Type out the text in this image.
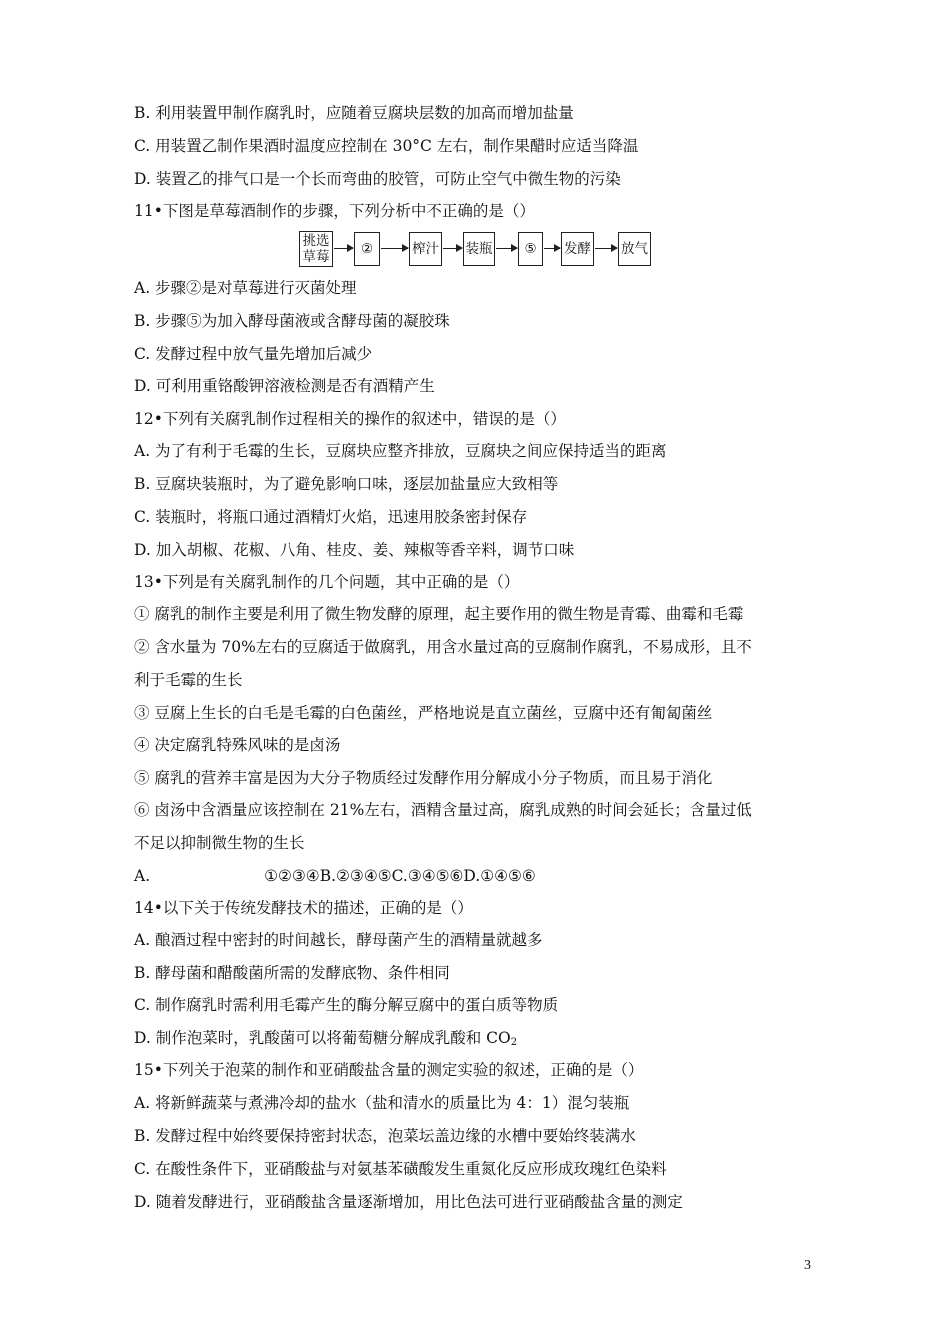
B. 利用装置甲制作腐乳时，应随着豆腐块层数的加高而增加盐量
C. 用装置乙制作果酒时温度应控制在 30°C 左右，制作果醋时应适当降温
D. 装置乙的排气口是一个长而弯曲的胶管，可防止空气中微生物的污染
11•下图是草莓酒制作的步骤，下列分析中不正确的是（）
挑选
草莓	②	榨汁 装瓶	⑤	发酵 放气
A. 步骤②是对草莓进行灭菌处理
B. 步骤⑤为加入酵母菌液或含酵母菌的凝胶珠
C. 发酵过程中放气量先增加后减少
D. 可利用重铬酸钾溶液检测是否有酒精产生
12•下列有关腐乳制作过程相关的操作的叙述中，错误的是（）
A. 为了有利于毛霉的生长，豆腐块应整齐排放，豆腐块之间应保持适当的距离
B. 豆腐块装瓶时，为了避免影响口味，逐层加盐量应大致相等
C. 装瓶时，将瓶口通过酒精灯火焰，迅速用胶条密封保存
D. 加入胡椒、花椒、八角、桂皮、姜、辣椒等香辛料，调节口味
13•下列是有关腐乳制作的几个问题，其中正确的是（）
① 腐乳的制作主要是利用了微生物发酵的原理，起主要作用的微生物是青霉、曲霉和毛霉
② 含水量为 70%左右的豆腐适于做腐乳，用含水量过高的豆腐制作腐乳，不易成形，且不
利于毛霉的生长
③ 豆腐上生长的白毛是毛霉的白色菌丝，严格地说是直立菌丝，豆腐中还有匍匐菌丝
④ 决定腐乳特殊风味的是卤汤
⑤ 腐乳的营养丰富是因为大分子物质经过发酵作用分解成小分子物质，而且易于消化
⑥ 卤汤中含酒量应该控制在 21%左右，酒精含量过高，腐乳成熟的时间会延长；含量过低
不足以抑制微生物的生长
A.	①②③④B.②③④⑤C.③④⑤⑥D.①④⑤⑥
14•以下关于传统发酵技术的描述，正确的是（）
A. 酿酒过程中密封的时间越长，酵母菌产生的酒精量就越多
B. 酵母菌和醋酸菌所需的发酵底物、条件相同
C. 制作腐乳时需利用毛霉产生的酶分解豆腐中的蛋白质等物质
D. 制作泡菜时，乳酸菌可以将葡萄糖分解成乳酸和 $CO_2$
15•下列关于泡菜的制作和亚硝酸盐含量的测定实验的叙述，正确的是（）
A. 将新鲜蔬菜与煮沸冷却的盐水（盐和清水的质量比为 4：1）混匀装瓶
B. 发酵过程中始终要保持密封状态，泡菜坛盖边缘的水槽中要始终装满水
C. 在酸性条件下，亚硝酸盐与对氨基苯磺酸发生重氮化反应形成玫瑰红色染料
D. 随着发酵进行，亚硝酸盐含量逐渐增加，用比色法可进行亚硝酸盐含量的测定
3
